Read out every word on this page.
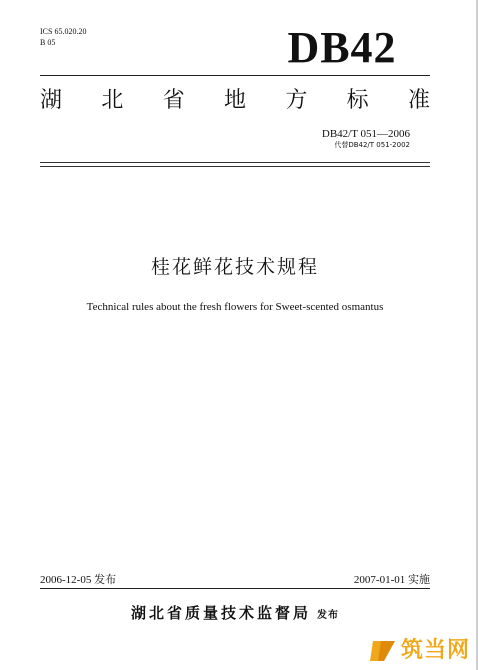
ICS 65.020.20
B 05	DB42
湖 北 省 地 方 标 准
DB42/T 051—2006
代替DB42/T 051-2002
桂花鲜花技术规程
Technical rules about the fresh flowers for Sweet-scented osmantus
2006-12-05 发布	2007-01-01 实施
湖北省质量技术监督局 发布
筑当网
